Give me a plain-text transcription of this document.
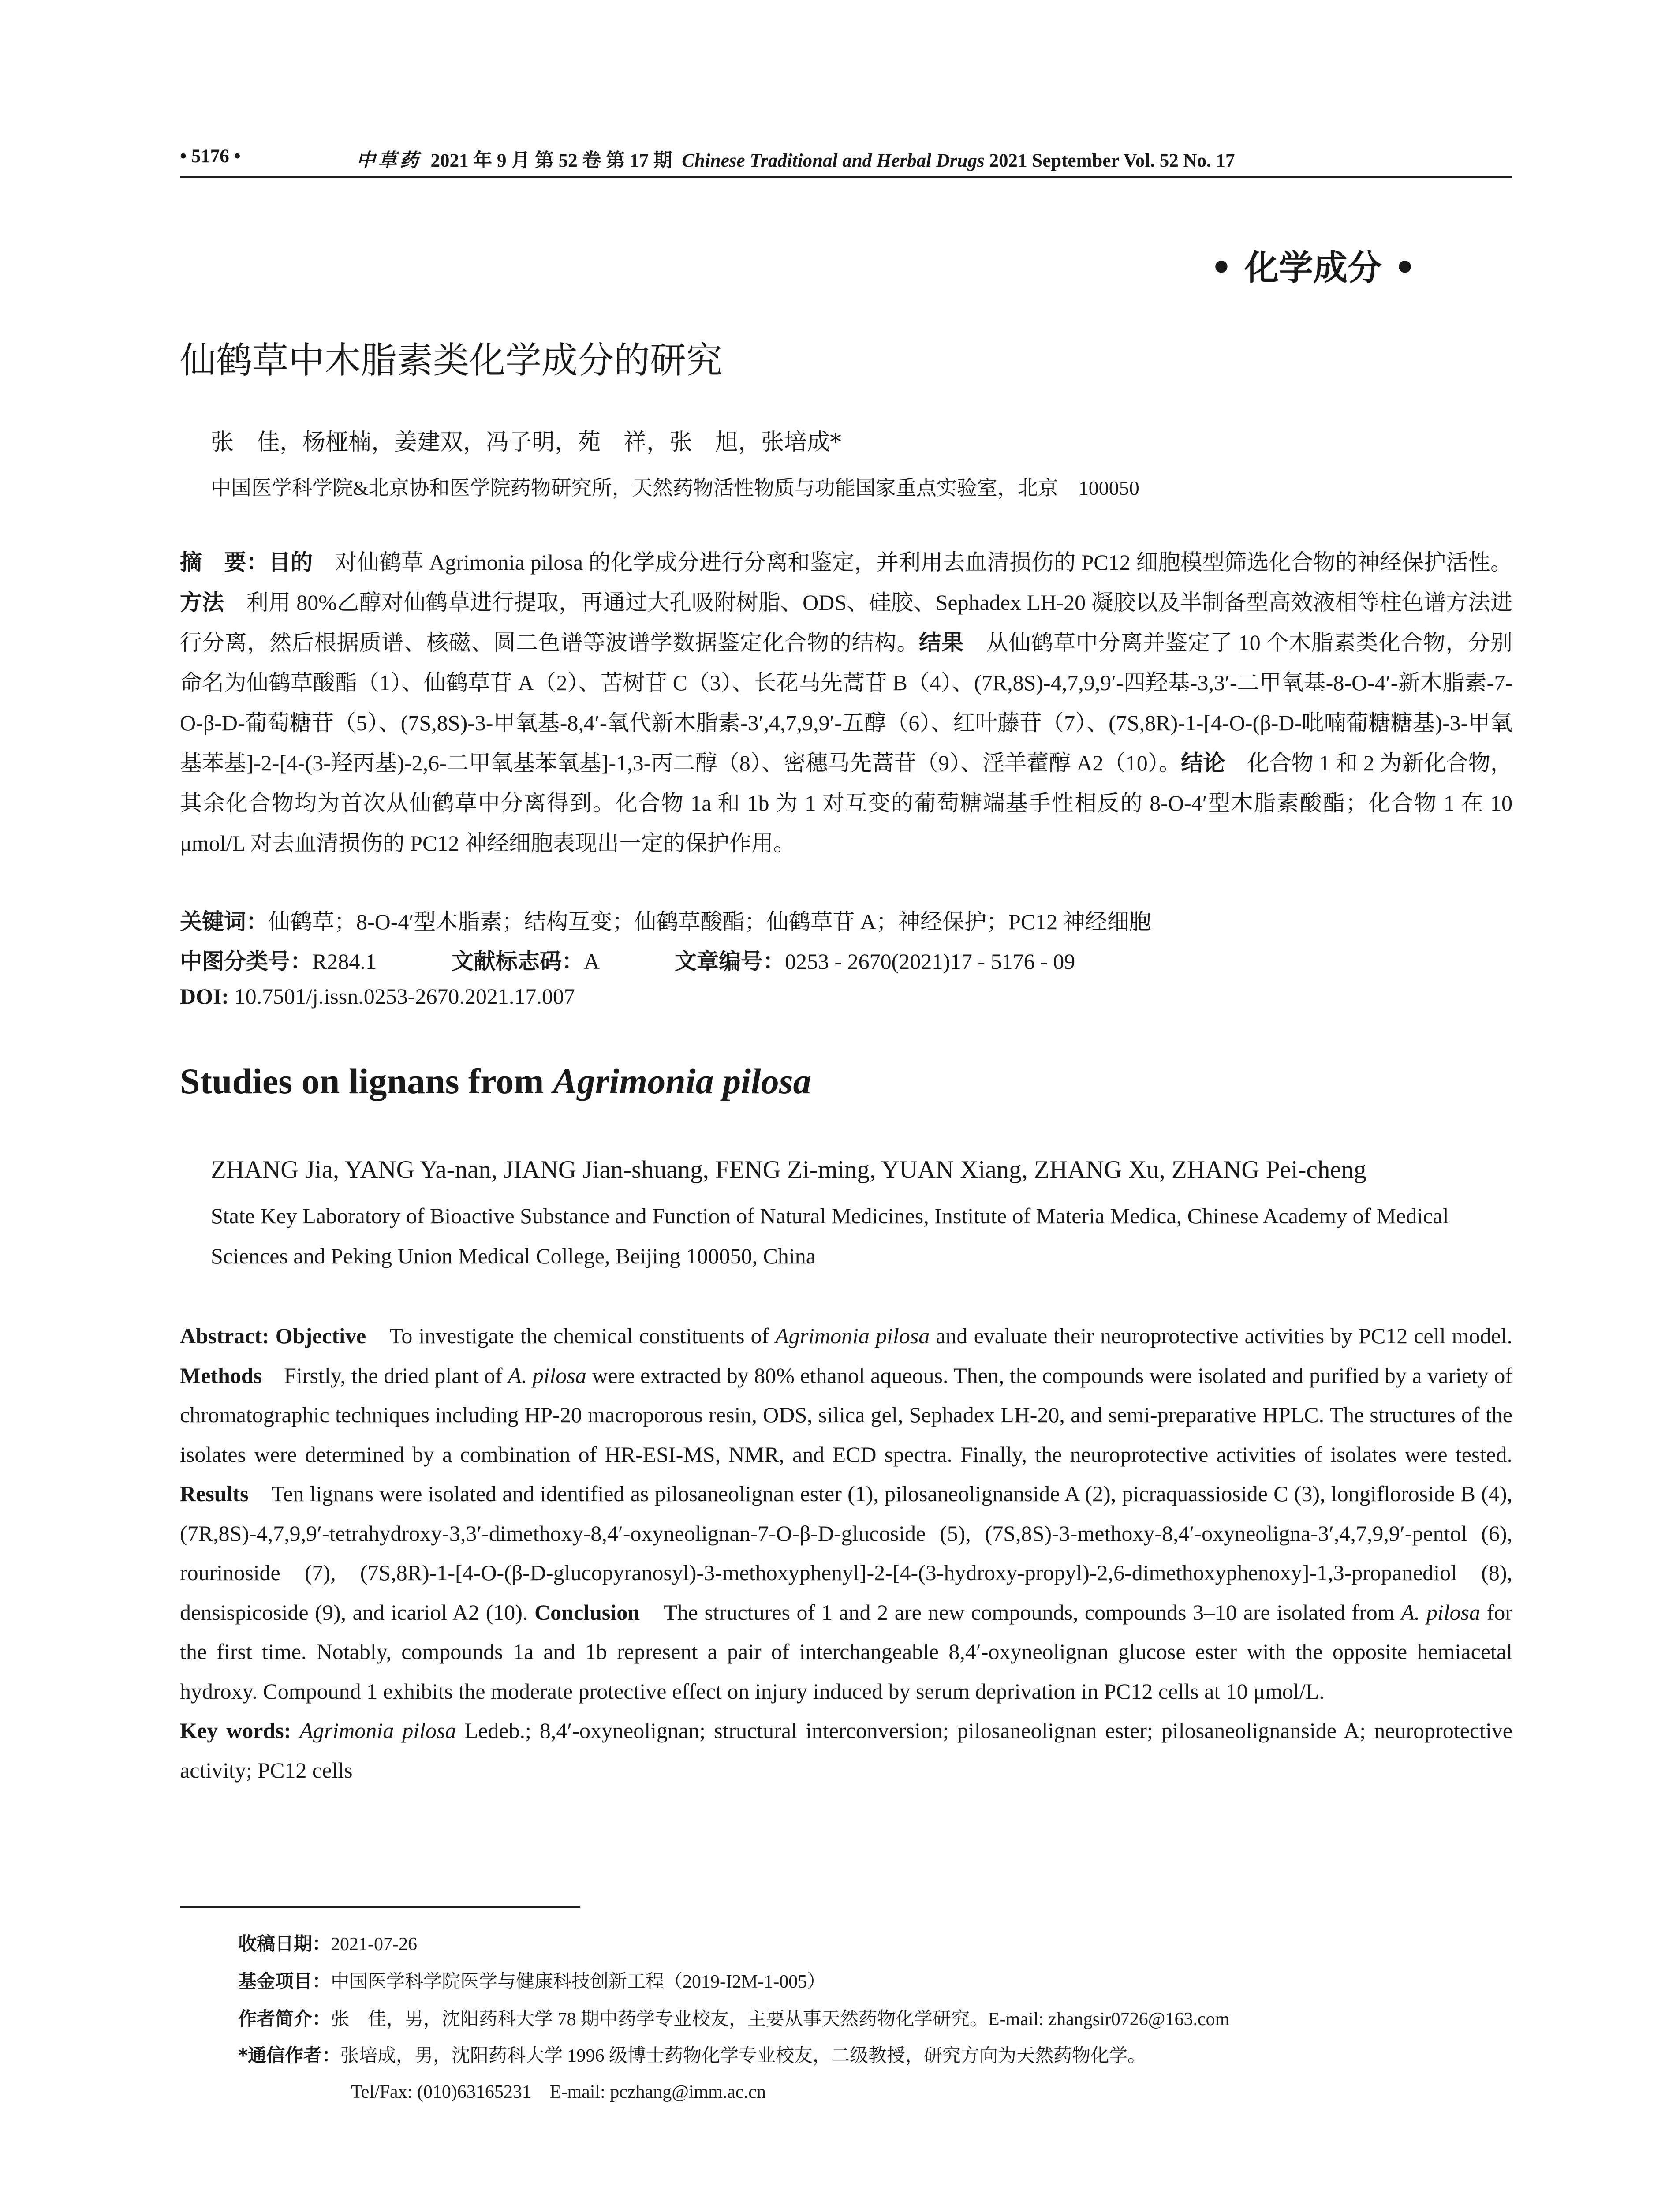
• 5176 •	中草药 2021 年 9 月 第 52 卷 第 17 期 Chinese Traditional and Herbal Drugs 2021 September Vol. 52 No. 17
• 化学成分 •
仙鹤草中木脂素类化学成分的研究
张　佳，杨桠楠，姜建双，冯子明，苑　祥，张　旭，张培成*
中国医学科学院&北京协和医学院药物研究所，天然药物活性物质与功能国家重点实验室，北京　100050
摘　要：目的　对仙鹤草 Agrimonia pilosa 的化学成分进行分离和鉴定，并利用去血清损伤的 PC12 细胞模型筛选化合物的神经保护活性。方法　利用 80%乙醇对仙鹤草进行提取，再通过大孔吸附树脂、ODS、硅胶、Sephadex LH-20 凝胶以及半制备型高效液相等柱色谱方法进行分离，然后根据质谱、核磁、圆二色谱等波谱学数据鉴定化合物的结构。结果　从仙鹤草中分离并鉴定了 10 个木脂素类化合物，分别命名为仙鹤草酸酯（1）、仙鹤草苷 A（2）、苦树苷 C（3）、长花马先蒿苷 B（4）、(7R,8S)-4,7,9,9′-四羟基-3,3′-二甲氧基-8-O-4′-新木脂素-7-O-β-D-葡萄糖苷（5）、(7S,8S)-3-甲氧基-8,4′-氧代新木脂素-3′,4,7,9,9′-五醇（6）、红叶藤苷（7）、(7S,8R)-1-[4-O-(β-D-吡喃葡糖糖基)-3-甲氧基苯基]-2-[4-(3-羟丙基)-2,6-二甲氧基苯氧基]-1,3-丙二醇（8）、密穗马先蒿苷（9）、淫羊藿醇 A2（10）。结论　化合物 1 和 2 为新化合物，其余化合物均为首次从仙鹤草中分离得到。化合物 1a 和 1b 为 1 对互变的葡萄糖端基手性相反的 8-O-4′型木脂素酸酯；化合物 1 在 10 μmol/L 对去血清损伤的 PC12 神经细胞表现出一定的保护作用。
关键词：仙鹤草；8-O-4′型木脂素；结构互变；仙鹤草酸酯；仙鹤草苷 A；神经保护；PC12 神经细胞
中图分类号：R284.1	文献标志码：A	文章编号：0253 - 2670(2021)17 - 5176 - 09
DOI: 10.7501/j.issn.0253-2670.2021.17.007
Studies on lignans from Agrimonia pilosa
ZHANG Jia, YANG Ya-nan, JIANG Jian-shuang, FENG Zi-ming, YUAN Xiang, ZHANG Xu, ZHANG Pei-cheng
State Key Laboratory of Bioactive Substance and Function of Natural Medicines, Institute of Materia Medica, Chinese Academy of Medical Sciences and Peking Union Medical College, Beijing 100050, China
Abstract: Objective　To investigate the chemical constituents of Agrimonia pilosa and evaluate their neuroprotective activities by PC12 cell model. Methods　Firstly, the dried plant of A. pilosa were extracted by 80% ethanol aqueous. Then, the compounds were isolated and purified by a variety of chromatographic techniques including HP-20 macroporous resin, ODS, silica gel, Sephadex LH-20, and semi-preparative HPLC. The structures of the isolates were determined by a combination of HR-ESI-MS, NMR, and ECD spectra. Finally, the neuroprotective activities of isolates were tested. Results　Ten lignans were isolated and identified as pilosaneolignan ester (1), pilosaneolignanside A (2), picraquassioside C (3), longifloroside B (4), (7R,8S)-4,7,9,9′-tetrahydroxy-3,3′-dimethoxy-8,4′-oxyneolignan-7-O-β-D-glucoside (5), (7S,8S)-3-methoxy-8,4′-oxyneoligna-3′,4,7,9,9′-pentol (6), rourinoside (7), (7S,8R)-1-[4-O-(β-D-glucopyranosyl)-3-methoxyphenyl]-2-[4-(3-hydroxy-propyl)-2,6-dimethoxyphenoxy]-1,3-propanediol (8), densispicoside (9), and icariol A2 (10). Conclusion　The structures of 1 and 2 are new compounds, compounds 3–10 are isolated from A. pilosa for the first time. Notably, compounds 1a and 1b represent a pair of interchangeable 8,4′-oxyneolignan glucose ester with the opposite hemiacetal hydroxy. Compound 1 exhibits the moderate protective effect on injury induced by serum deprivation in PC12 cells at 10 μmol/L.
Key words: Agrimonia pilosa Ledeb.; 8,4′-oxyneolignan; structural interconversion; pilosaneolignan ester; pilosaneolignanside A; neuroprotective activity; PC12 cells
收稿日期：2021-07-26
基金项目：中国医学科学院医学与健康科技创新工程（2019-I2M-1-005）
作者简介：张　佳，男，沈阳药科大学 78 期中药学专业校友，主要从事天然药物化学研究。E-mail: zhangsir0726@163.com
*通信作者：张培成，男，沈阳药科大学 1996 级博士药物化学专业校友，二级教授，研究方向为天然药物化学。
Tel/Fax: (010)63165231　E-mail: pczhang@imm.ac.cn
